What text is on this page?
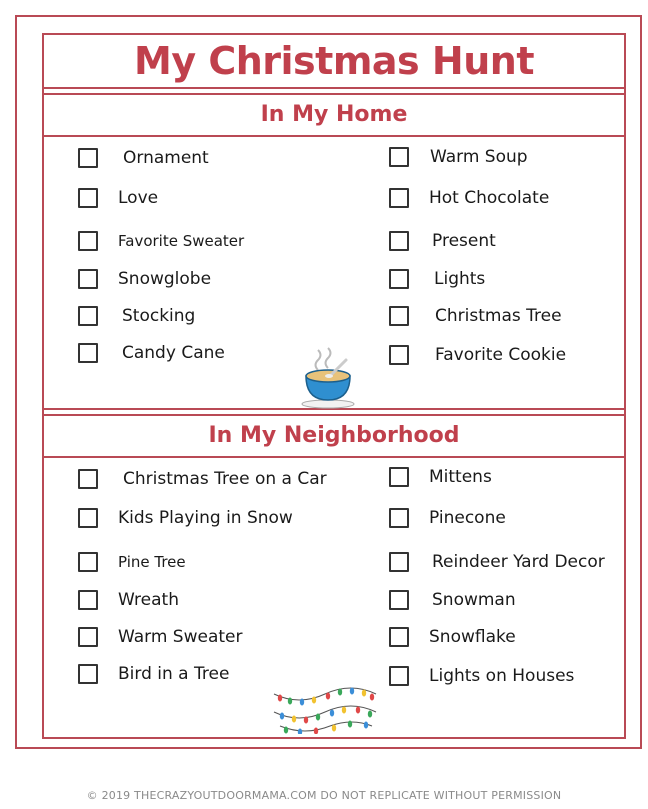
My Christmas Hunt
In My Home
In My Neighborhood
Ornament
Love
Favorite Sweater
Snowglobe
Stocking
Candy Cane
Warm Soup
Hot Chocolate
Present
Lights
Christmas Tree
Favorite Cookie
Christmas Tree on a Car
Kids Playing in Snow
Pine Tree
Wreath
Warm Sweater
Bird in a Tree
Mittens
Pinecone
Reindeer Yard Decor
Snowman
Snowflake
Lights on Houses
© 2019 THECRAZYOUTDOORMAMA.COM DO NOT REPLICATE WITHOUT PERMISSION
